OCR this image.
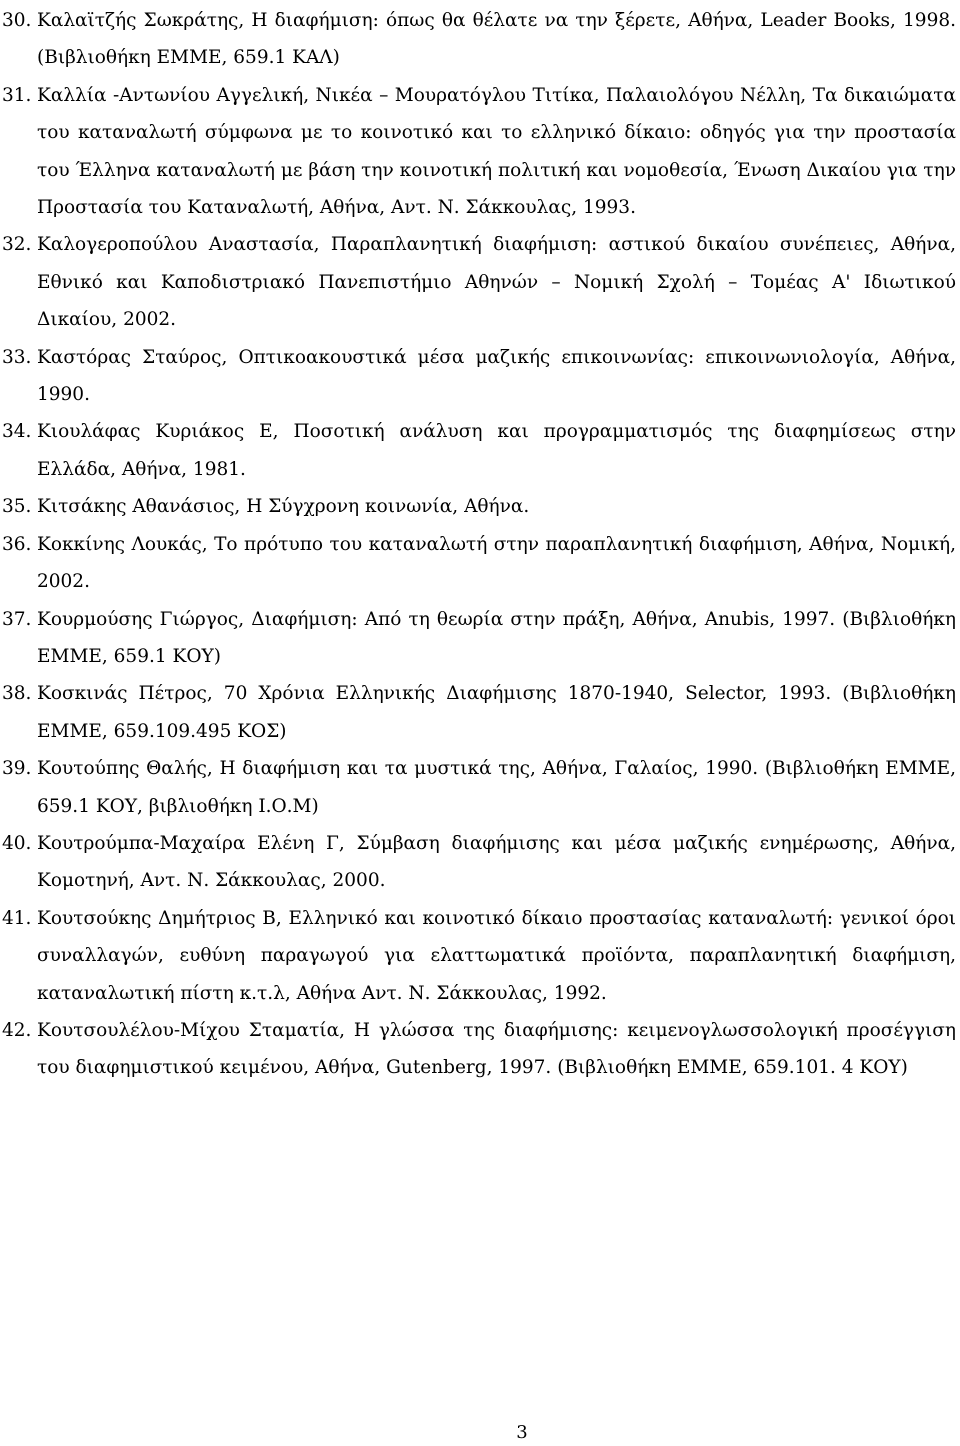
30. Καλαϊτζής Σωκράτης, Η διαφήμιση: όπως θα θέλατε να την ξέρετε, Αθήνα, Leader Books, 1998. (Βιβλιοθήκη ΕΜΜΕ, 659.1 ΚΑΛ)
31. Καλλία -Αντωνίου Αγγελική, Νικέα – Μουρατόγλου Τιτίκα, Παλαιολόγου Νέλλη, Τα δικαιώματα του καταναλωτή σύμφωνα με το κοινοτικό και το ελληνικό δίκαιο: οδηγός για την προστασία του Έλληνα καταναλωτή με βάση την κοινοτική πολιτική και νομοθεσία, Ένωση Δικαίου για την Προστασία του Καταναλωτή, Αθήνα, Αντ. Ν. Σάκκουλας, 1993.
32. Καλογεροπούλου Αναστασία, Παραπλανητική διαφήμιση: αστικού δικαίου συνέπειες, Αθήνα, Εθνικό και Καποδιστριακό Πανεπιστήμιο Αθηνών – Νομική Σχολή – Τομέας Α' Ιδιωτικού Δικαίου, 2002.
33. Καστόρας Σταύρος, Οπτικοακουστικά μέσα μαζικής επικοινωνίας: επικοινωνιολογία, Αθήνα, 1990.
34. Κιουλάφας Κυριάκος Ε, Ποσοτική ανάλυση και προγραμματισμός της διαφημίσεως στην Ελλάδα, Αθήνα, 1981.
35. Κιτσάκης Αθανάσιος, Η Σύγχρονη κοινωνία, Αθήνα.
36. Κοκκίνης Λουκάς, Το πρότυπο του καταναλωτή στην παραπλανητική διαφήμιση, Αθήνα, Νομική, 2002.
37. Κουρμούσης Γιώργος, Διαφήμιση: Από τη θεωρία στην πράξη, Αθήνα, Anubis, 1997. (Βιβλιοθήκη ΕΜΜΕ, 659.1 ΚΟΥ)
38. Κοσκινάς Πέτρος, 70 Χρόνια Ελληνικής Διαφήμισης 1870-1940, Selector, 1993. (Βιβλιοθήκη ΕΜΜΕ, 659.109.495 ΚΟΣ)
39. Κουτούπης Θαλής, Η διαφήμιση και τα μυστικά της, Αθήνα, Γαλαίος, 1990. (Βιβλιοθήκη ΕΜΜΕ, 659.1 ΚΟΥ, βιβλιοθήκη Ι.Ο.Μ)
40. Κουτρούμπα-Μαχαίρα Ελένη Γ, Σύμβαση διαφήμισης και μέσα μαζικής ενημέρωσης, Αθήνα, Κομοτηνή, Αντ. Ν. Σάκκουλας, 2000.
41. Κουτσούκης Δημήτριος Β, Ελληνικό και κοινοτικό δίκαιο προστασίας καταναλωτή: γενικοί όροι συναλλαγών, ευθύνη παραγωγού για ελαττωματικά προϊόντα, παραπλανητική διαφήμιση, καταναλωτική πίστη κ.τ.λ, Αθήνα Αντ. Ν. Σάκκουλας, 1992.
42. Κουτσουλέλου-Μίχου Σταματία, Η γλώσσα της διαφήμισης: κειμενογλωσσολογική προσέγγιση του διαφημιστικού κειμένου, Αθήνα, Gutenberg, 1997. (Βιβλιοθήκη ΕΜΜΕ, 659.101. 4 ΚΟΥ)
3
